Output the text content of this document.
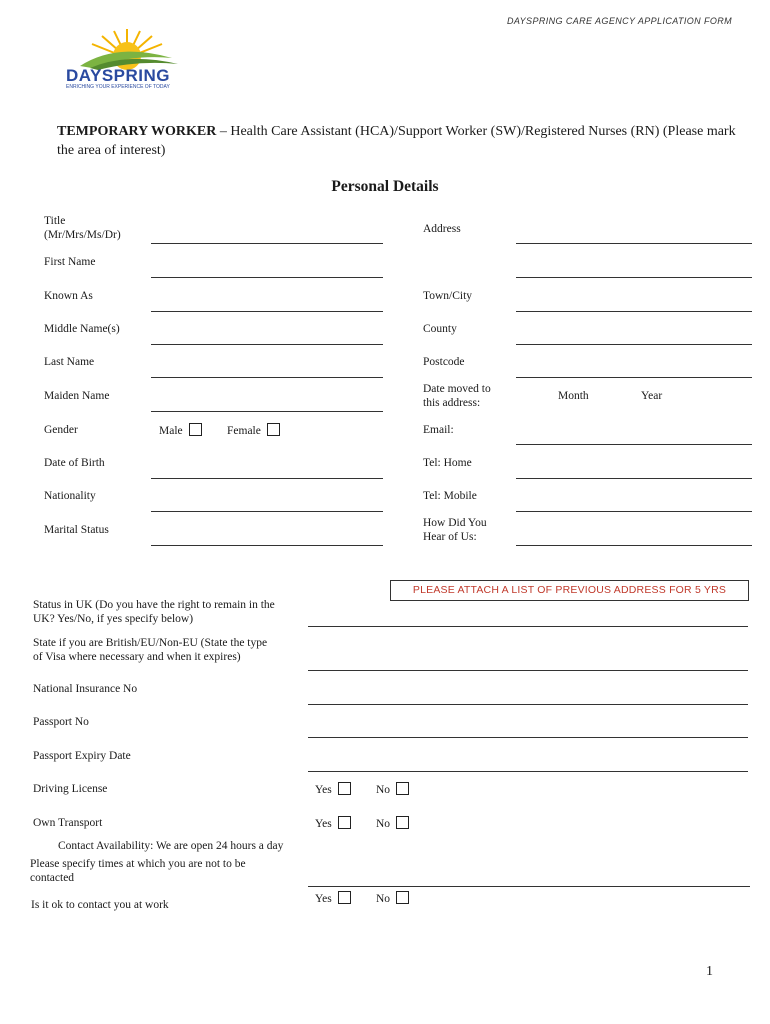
DAYSPRING CARE AGENCY APPLICATION FORM
DAYSPRING
ENRICHING YOUR EXPERIENCE OF TODAY
TEMPORARY WORKER – Health Care Assistant (HCA)/Support Worker (SW)/Registered Nurses (RN) (Please mark the area of interest)
Personal Details
Title
(Mr/Mrs/Ms/Dr)
First Name
Known As
Middle Name(s)
Last Name
Maiden Name
Gender	Male	Female
Date of Birth
Nationality
Marital Status
Address
Town/City
County
Postcode
Date moved to
this address:
Month	Year
Email:
Tel: Home
Tel: Mobile
How Did You
Hear of Us:
PLEASE ATTACH A LIST OF PREVIOUS ADDRESS FOR 5 YRS
Status in UK (Do you have the right to remain in the
UK? Yes/No, if yes specify below)
State if you are British/EU/Non-EU (State the type
of Visa where necessary and when it expires)
National Insurance No
Passport No
Passport Expiry Date
Driving License	Yes	No
Own Transport	Yes	No
Contact Availability: We are open 24 hours a day
Please specify times at which you are not to be
contacted
Is it ok to contact you at work	Yes	No
1
